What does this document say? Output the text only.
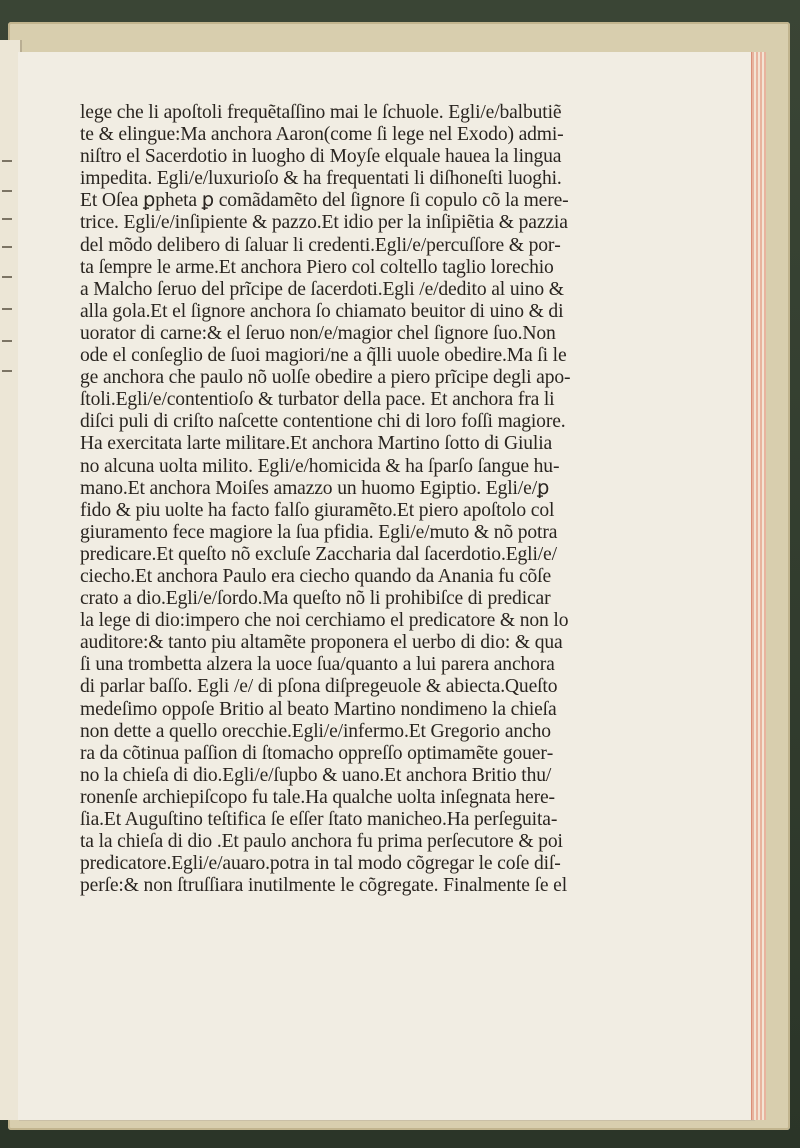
lege che li apoſtoli frequẽtaſſino mai le ſchuole. Egli/e/balbutiẽ
te & elingue:Ma anchora Aaron(come ſi lege nel Exodo) admi‑
niſtro el Sacerdotio in luogho di Moyſe elquale hauea la lingua
impedita. Egli/e/luxurioſo & ha frequentati li diſhoneſti luoghi.
Et Oſea ꝑpheta ꝑ comãdamẽto del ſignore ſi copulo cõ la mere‑
trice. Egli/e/inſipiente & pazzo.Et idio per la inſipiẽtia & pazzia
del mõdo delibero di ſaluar li credenti.Egli/e/percuſſore & por‑
ta ſempre le arme.Et anchora Piero col coltello taglio lorechio
a Malcho ſeruo del prĩcipe de ſacerdoti.Egli /e/dedito al uino &
alla gola.Et el ſignore anchora ſo chiamato beuitor di uino & di
uorator di carne:& el ſeruo non/e/magior chel ſignore ſuo.Non
ode el conſeglio de ſuoi magiori/ne a q̃lli uuole obedire.Ma ſi le
ge anchora che paulo nõ uolſe obedire a piero prĩcipe degli apo‑
ſtoli.Egli/e/contentioſo & turbator della pace. Et anchora fra li
diſci puli di criſto naſcette contentione chi di loro foſſi magiore.
Ha exercitata larte militare.Et anchora Martino ſotto di Giulia
no alcuna uolta milito. Egli/e/homicida & ha ſparſo ſangue hu‑
mano.Et anchora Moiſes amazzo un huomo Egiptio. Egli/e/ꝑ
fido & piu uolte ha facto falſo giuramẽto.Et piero apoſtolo col
giuramento fece magiore la ſua pfidia. Egli/e/muto & nõ potra
predicare.Et queſto nõ excluſe Zaccharia dal ſacerdotio.Egli/e/
ciecho.Et anchora Paulo era ciecho quando da Anania fu cõſe
crato a dio.Egli/e/ſordo.Ma queſto nõ li prohibiſce di predicar
la lege di dio:impero che noi cerchiamo el predicatore & non lo
auditore:& tanto piu altamẽte proponera el uerbo di dio: & qua
ſi una trombetta alzera la uoce ſua/quanto a lui parera anchora
di parlar baſſo. Egli /e/ di pſona diſpregeuole & abiecta.Queſto
medeſimo oppoſe Britio al beato Martino nondimeno la chieſa
non dette a quello orecchie.Egli/e/infermo.Et Gregorio ancho
ra da cõtinua paſſion di ſtomacho oppreſſo optimamẽte gouer‑
no la chieſa di dio.Egli/e/ſupbo & uano.Et anchora Britio thu/
ronenſe archiepiſcopo fu tale.Ha qualche uolta inſegnata here‑
ſia.Et Auguſtino teſtifica ſe eſſer ſtato manicheo.Ha perſeguita‑
ta la chieſa di dio .Et paulo anchora fu prima perſecutore & poi
predicatore.Egli/e/auaro.potra in tal modo cõgregar le coſe diſ‑
perſe:& non ſtruſſiara inutilmente le cõgregate. Finalmente ſe el
